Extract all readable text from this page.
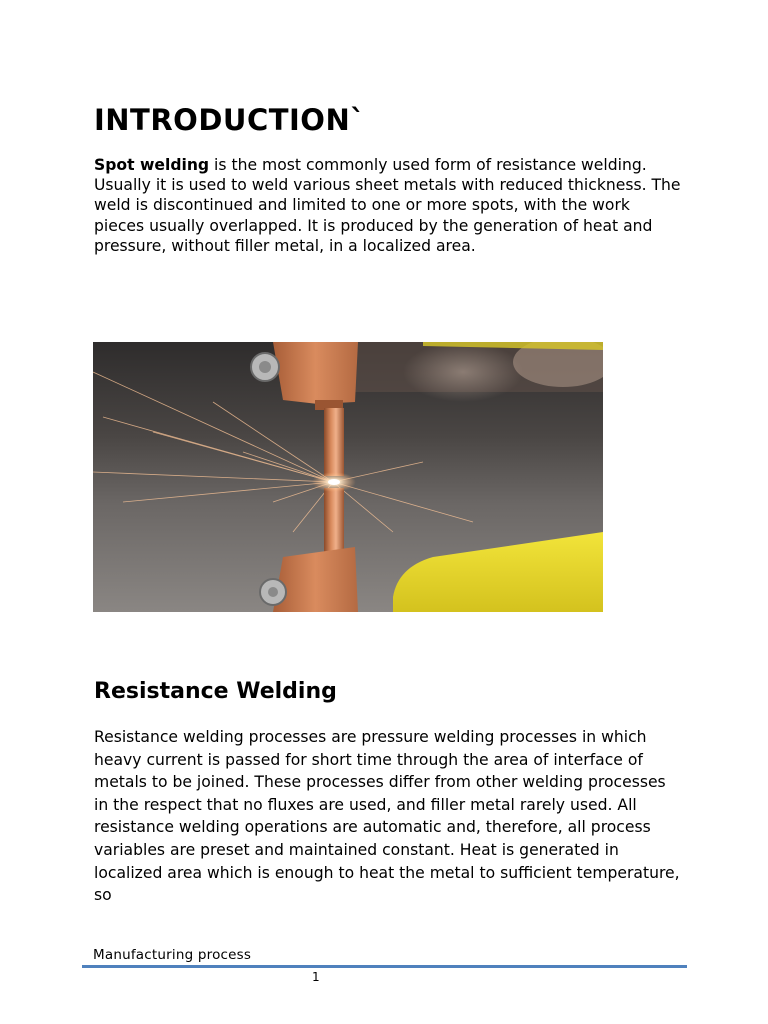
INTRODUCTION`

Spot welding is the most commonly used form of resistance welding. Usually it is used to weld various sheet metals with reduced thickness. The weld is discontinued and limited to one or more spots, with the work pieces usually overlapped. It is produced by the generation of heat and pressure, without filler metal, in a localized area.

Resistance Welding

Resistance welding processes are pressure welding processes in which heavy current is passed for short time through the area of interface of metals to be joined. These processes differ from other welding processes in the respect that no fluxes are used, and filler metal rarely used. All resistance welding operations are automatic and, therefore, all process variables are preset and maintained constant. Heat is generated in localized area which is enough to heat the metal to sufficient temperature, so

Manufacturing process
1
